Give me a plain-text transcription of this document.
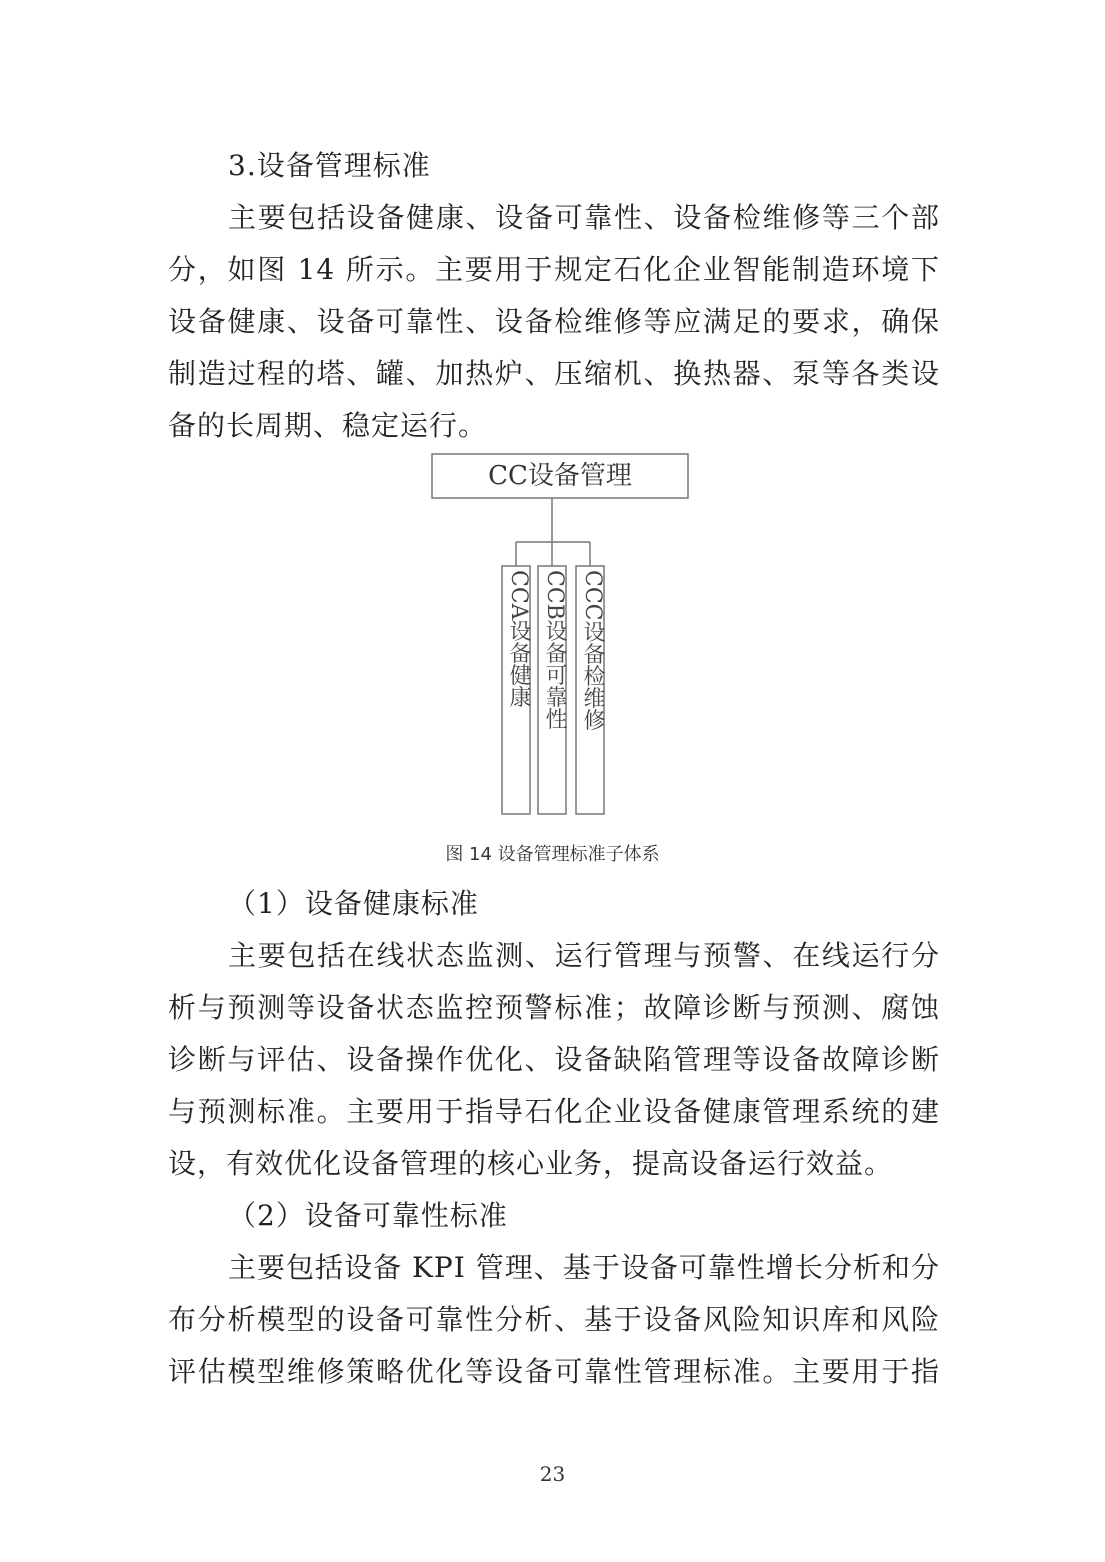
3.设备管理标准
主要包括设备健康、设备可靠性、设备检维修等三个部
分，如图 14 所示。主要用于规定石化企业智能制造环境下
设备健康、设备可靠性、设备检维修等应满足的要求，确保
制造过程的塔、罐、加热炉、压缩机、换热器、泵等各类设
备的长周期、稳定运行。
CC设备管理
CCA设备健康 CCB设备可靠性 CCC设备检维修
图 14 设备管理标准子体系
（1）设备健康标准
主要包括在线状态监测、运行管理与预警、在线运行分
析与预测等设备状态监控预警标准；故障诊断与预测、腐蚀
诊断与评估、设备操作优化、设备缺陷管理等设备故障诊断
与预测标准。主要用于指导石化企业设备健康管理系统的建
设，有效优化设备管理的核心业务，提高设备运行效益。
（2）设备可靠性标准
主要包括设备 KPI 管理、基于设备可靠性增长分析和分
布分析模型的设备可靠性分析、基于设备风险知识库和风险
评估模型维修策略优化等设备可靠性管理标准。主要用于指
23
